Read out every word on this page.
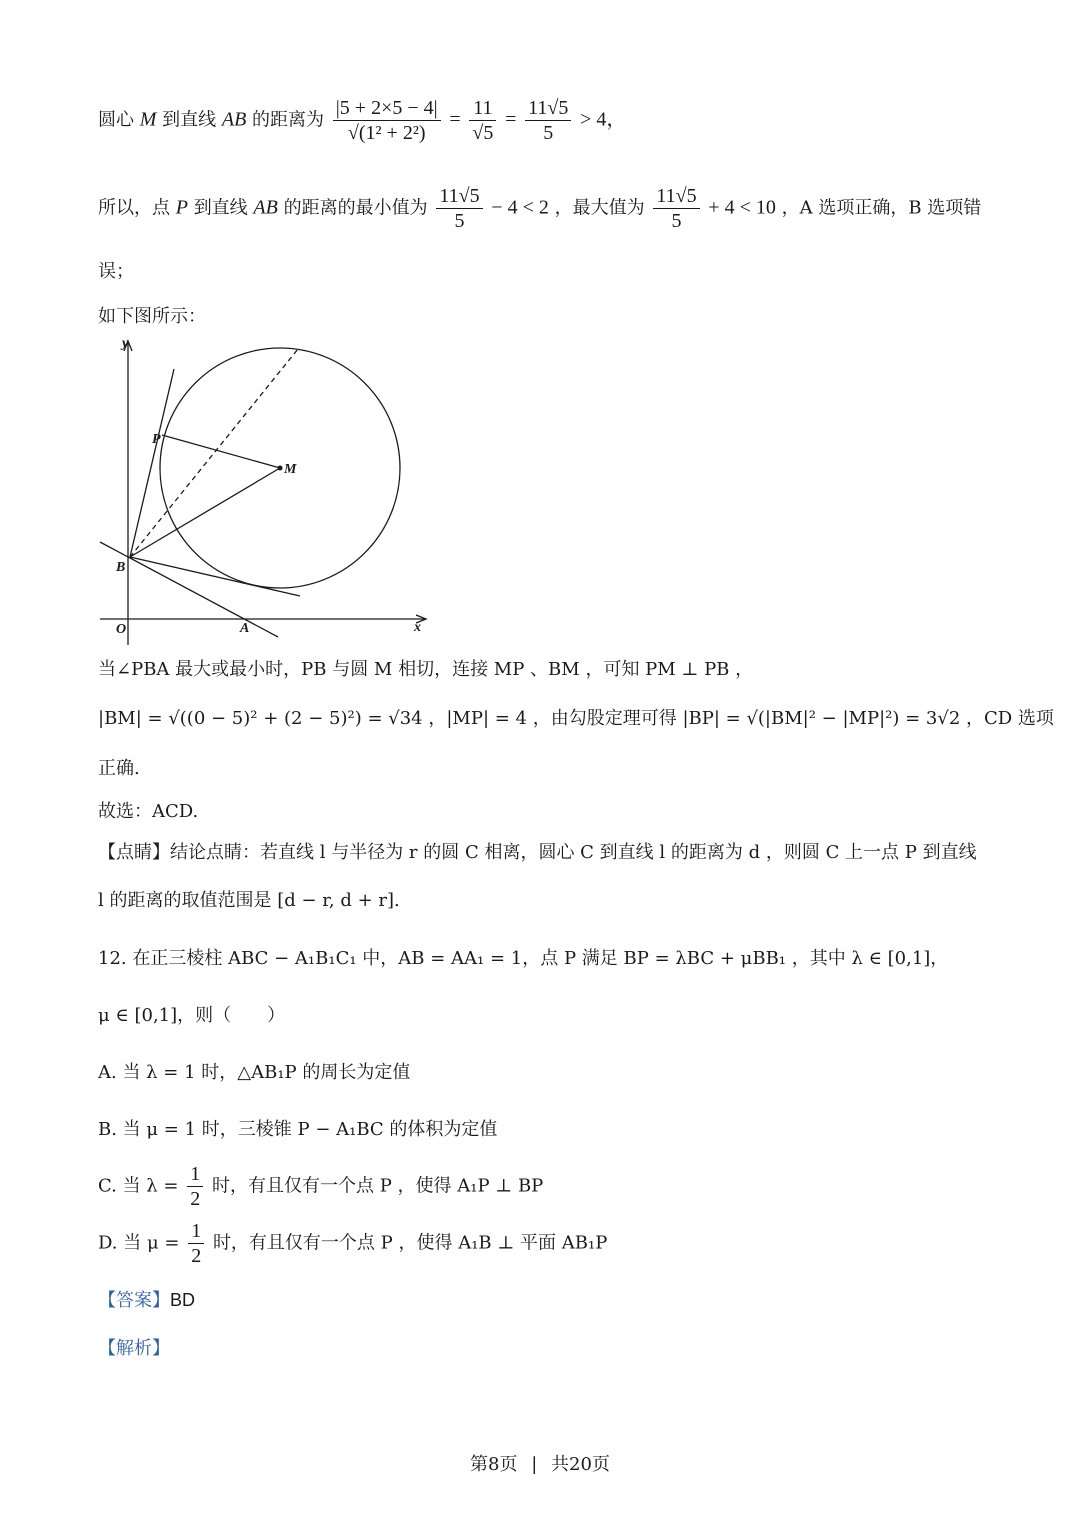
圆心 M 到直线 AB 的距离为 $\frac{|5 + 2\times 5 - 4|}{\text{√(1² + 2²)}} = \frac{11}{√5} = \frac{11√5}{5} > 4$，
所以，点 P 到直线 AB 的距离的最小值为 $\frac{11√5}{5} - 4 < 2$ ，最大值为 $\frac{11√5}{5} + 4 < 10$ ，A 选项正确，B 选项错
误；
如下图所示：
y
x
O	A
B
P
M
当∠PBA 最大或最小时，PB 与圆 M 相切，连接 MP 、BM ，可知 PM ⊥ PB ，
|BM| = √((0 − 5)² + (2 − 5)²) = √34 ，|MP| = 4 ，由勾股定理可得 |BP| = √(|BM|² − |MP|²) = 3√2 ，CD 选项
正确.
故选：ACD.
【点睛】结论点睛：若直线 l 与半径为 r 的圆 C 相离，圆心 C 到直线 l 的距离为 d ，则圆 C 上一点 P 到直线
l 的距离的取值范围是 [d − r, d + r].
12. 在正三棱柱 ABC − A₁B₁C₁ 中，AB = AA₁ = 1，点 P 满足 BP = λBC + μBB₁ ，其中 λ ∈ [0,1]，
μ ∈ [0,1]，则（　　）
A. 当 λ = 1 时，△AB₁P 的周长为定值
B. 当 μ = 1 时，三棱锥 P − A₁BC 的体积为定值
C. 当 $\lambda = \frac{1}{2}$ 时，有且仅有一个点 P ，使得 A₁P ⊥ BP
D. 当 $\mu = \frac{1}{2}$ 时，有且仅有一个点 P ，使得 A₁B ⊥ 平面 AB₁P
【答案】BD
【解析】
第8页 | 共20页
